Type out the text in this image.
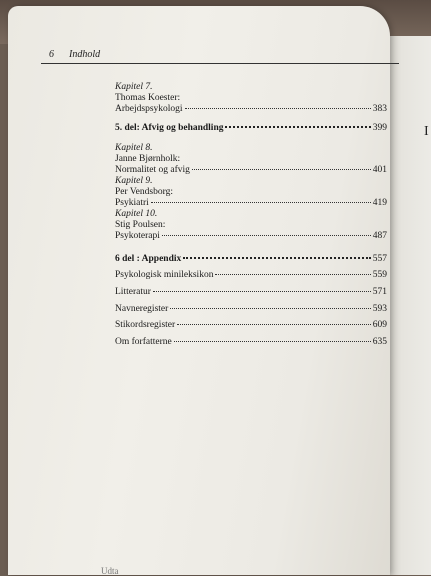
I
6 Indhold
Kapitel 7.
Thomas Koester:
Arbejdspsykologi	383
5. del: Afvig og behandling	399
Kapitel 8.
Janne Bjørnholk:
Normalitet og afvig	401
Kapitel 9.
Per Vendsborg:
Psykiatri	419
Kapitel 10.
Stig Poulsen:
Psykoterapi	487
6 del : Appendix	557
Psykologisk minileksikon	559
Litteratur	571
Navneregister	593
Stikordsregister	609
Om forfatterne	635
Udta
